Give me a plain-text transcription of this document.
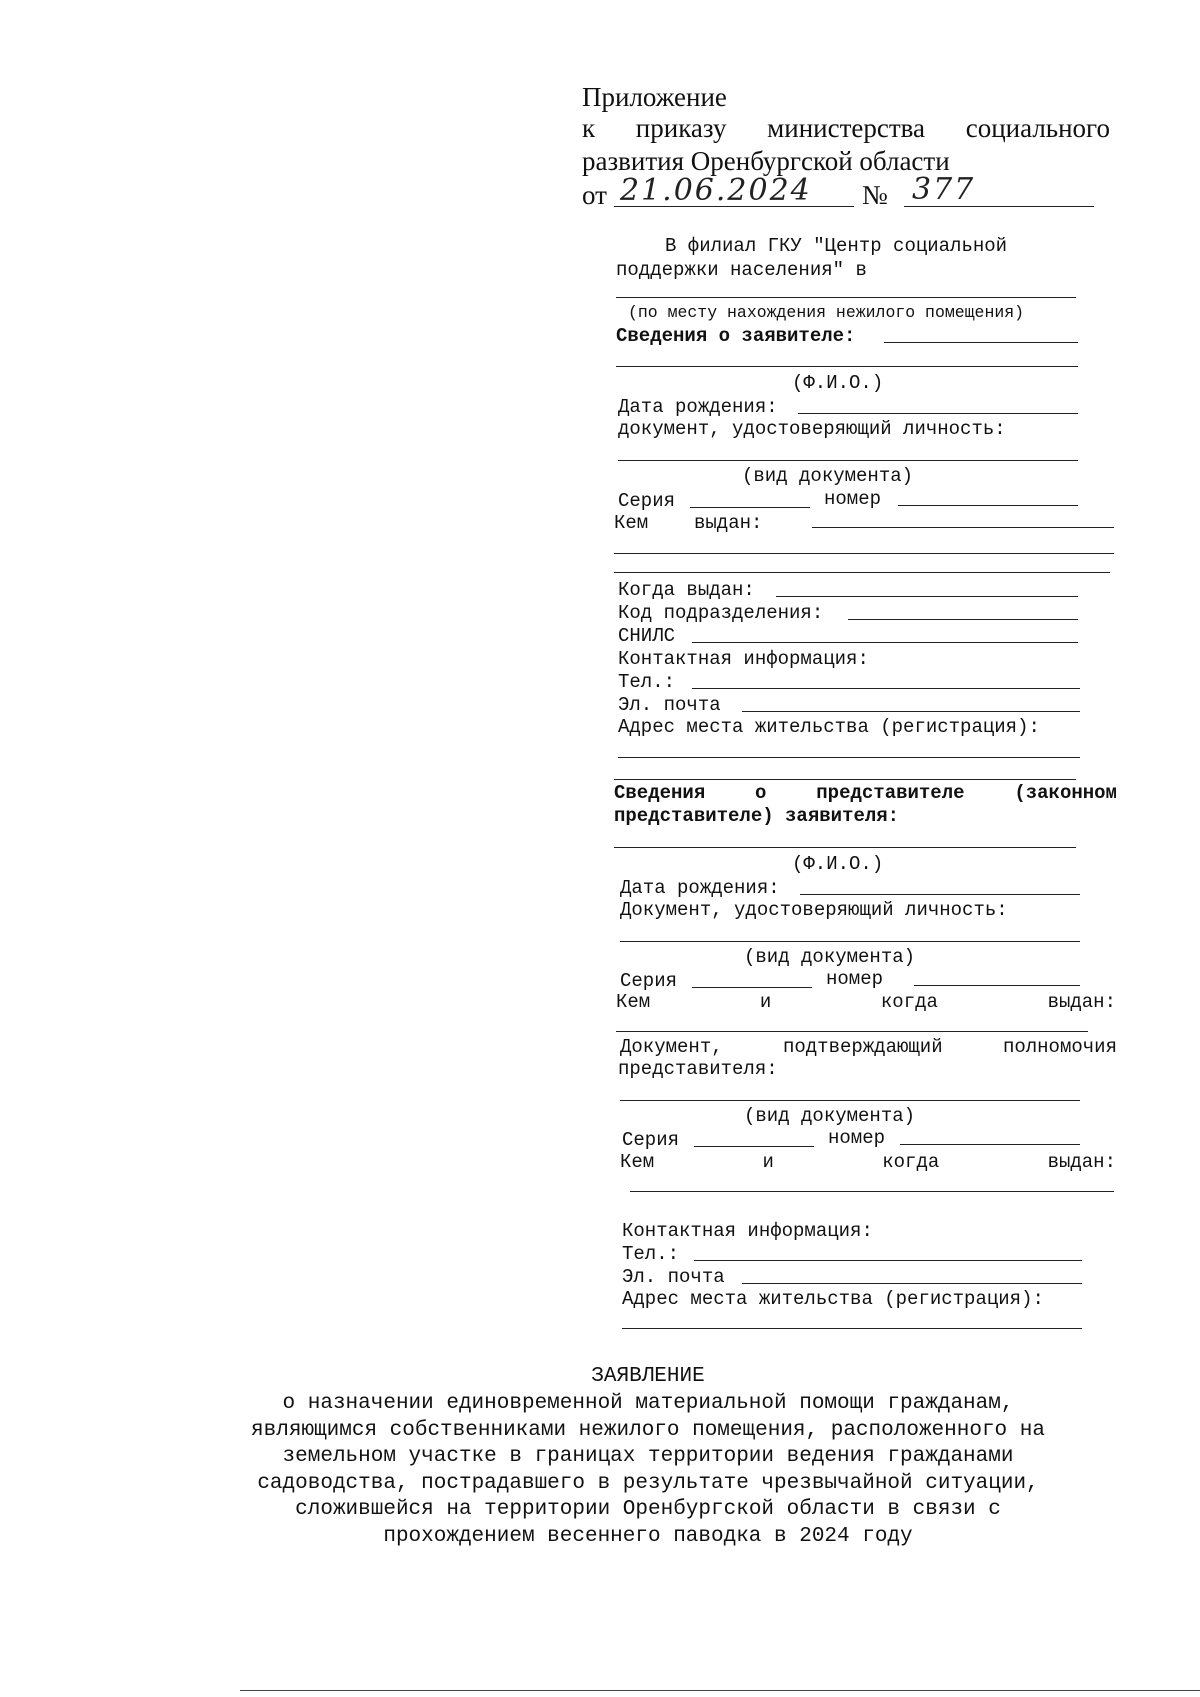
Приложение
к приказу министерства социального
развития Оренбургской области
от 21.06.2024 № 377
В филиал ГКУ "Центр социальной
поддержки населения" в
(по месту нахождения нежилого помещения)
Сведения о заявителе:
(Ф.И.О.)
Дата рождения:
документ, удостоверяющий личность:
(вид документа)
Серия	номер
Кем выдан:
Когда выдан:
Код подразделения:
СНИЛС
Контактная информация:
Тел.:
Эл. почта
Адрес места жительства (регистрация):
Сведения	о	представителе	(законном
представителе) заявителя:
(Ф.И.О.)
Дата рождения:
Документ, удостоверяющий личность:
(вид документа)
Серия	номер
Кем	и	когда	выдан:
Документ,	подтверждающий	полномочия
представителя:
(вид документа)
Серия	номер
Кем	и	когда	выдан:
Контактная информация:
Тел.:
Эл. почта
Адрес места жительства (регистрация):
ЗАЯВЛЕНИЕ
о назначении единовременной материальной помощи гражданам,
являющимся собственниками нежилого помещения, расположенного на
земельном участке в границах территории ведения гражданами
садоводства, пострадавшего в результате чрезвычайной ситуации,
сложившейся на территории Оренбургской области в связи с
прохождением весеннего паводка в 2024 году
